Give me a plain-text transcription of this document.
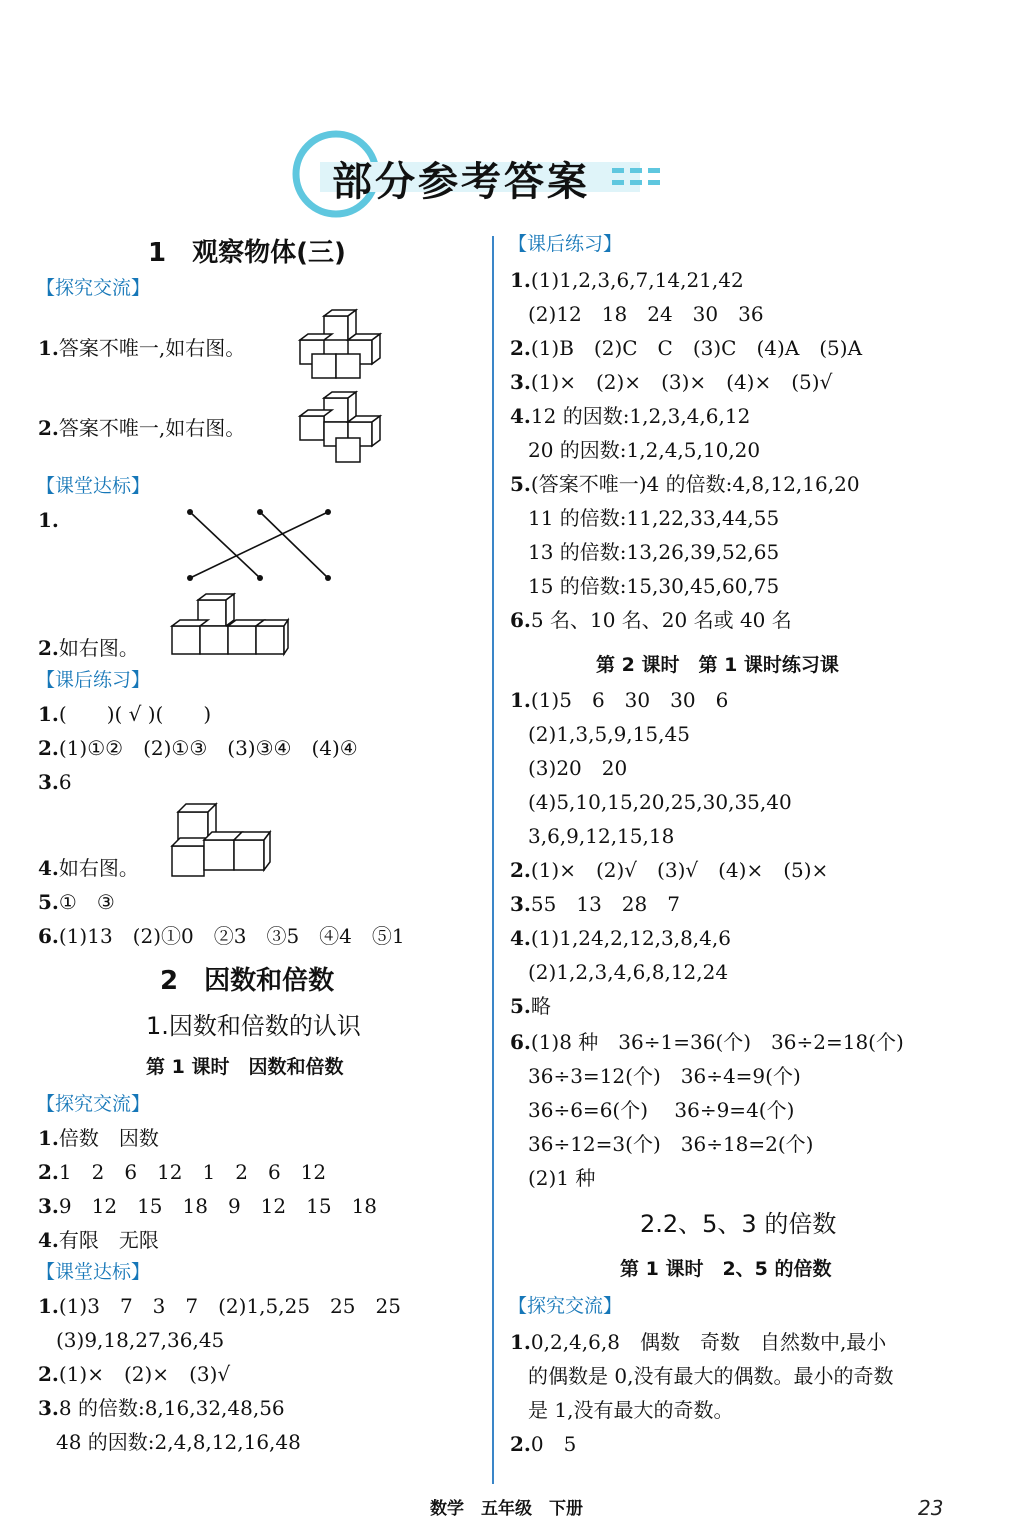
部分参考答案
1　观察物体(三)
【探究交流】
1.答案不唯一,如右图。
2.答案不唯一,如右图。
【课堂达标】
1.
2.如右图。
【课后练习】
1.(　　)( √ )(　　)
2.(1)①②　(2)①③　(3)③④　(4)④
3.6
4.如右图。
5.①　③
6.(1)13　(2)①0　②3　③5　④4　⑤1
2　因数和倍数
1.因数和倍数的认识
第 1 课时　因数和倍数
【探究交流】
1.倍数　因数
2.1　2　6　12　1　2　6　12
3.9　12　15　18　9　12　15　18
4.有限　无限
【课堂达标】
1.(1)3　7　3　7　(2)1,5,25　25　25
(3)9,18,27,36,45
2.(1)×　(2)×　(3)√
3.8 的倍数:8,16,32,48,56
48 的因数:2,4,8,12,16,48
【课后练习】
1.(1)1,2,3,6,7,14,21,42
(2)12　18　24　30　36
2.(1)B　(2)C　C　(3)C　(4)A　(5)A
3.(1)×　(2)×　(3)×　(4)×　(5)√
4.12 的因数:1,2,3,4,6,12
20 的因数:1,2,4,5,10,20
5.(答案不唯一)4 的倍数:4,8,12,16,20
11 的倍数:11,22,33,44,55
13 的倍数:13,26,39,52,65
15 的倍数:15,30,45,60,75
6.5 名、10 名、20 名或 40 名
第 2 课时　第 1 课时练习课
1.(1)5　6　30　30　6
(2)1,3,5,9,15,45
(3)20　20
(4)5,10,15,20,25,30,35,40
3,6,9,12,15,18
2.(1)×　(2)√　(3)√　(4)×　(5)×
3.55　13　28　7
4.(1)1,24,2,12,3,8,4,6
(2)1,2,3,4,6,8,12,24
5.略
6.(1)8 种　36÷1=36(个)　36÷2=18(个)
36÷3=12(个)　36÷4=9(个)
36÷6=6(个)　 36÷9=4(个)
36÷12=3(个)　36÷18=2(个)
(2)1 种
2.2、5、3 的倍数
第 1 课时　2、5 的倍数
【探究交流】
1.0,2,4,6,8　偶数　奇数　自然数中,最小
的偶数是 0,没有最大的偶数。最小的奇数
是 1,没有最大的奇数。
2.0　5
数学　五年级　下册	23
